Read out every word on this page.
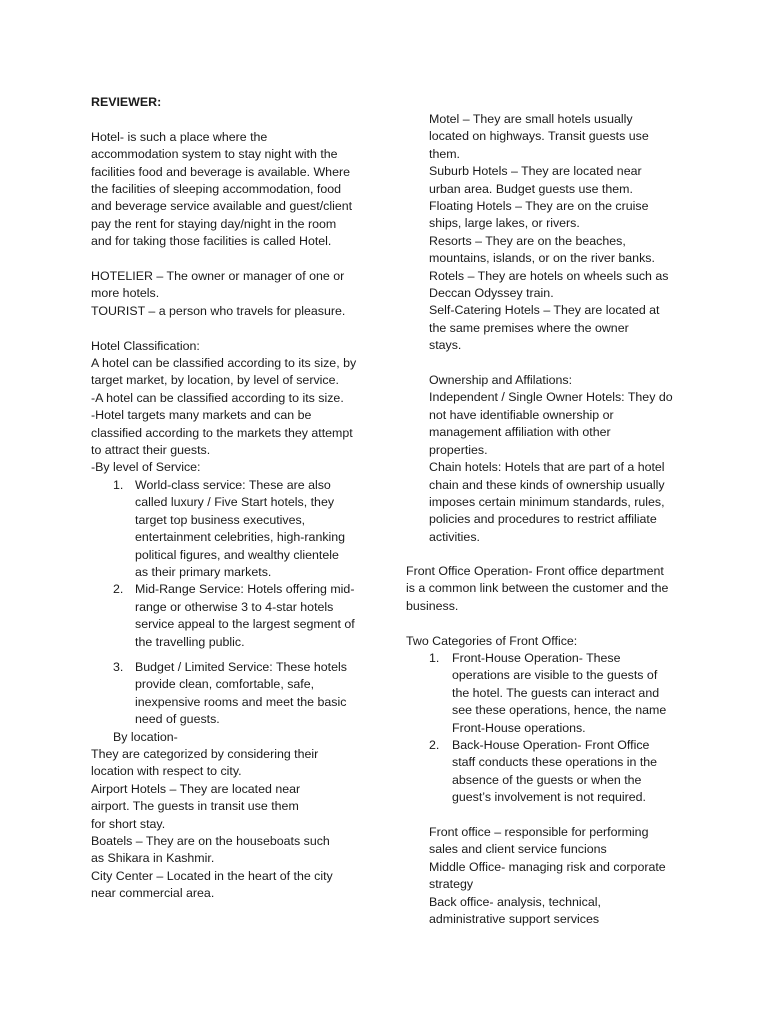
REVIEWER:
Hotel- is such a place where the
accommodation system to stay night with the
facilities food and beverage is available. Where
the facilities of sleeping accommodation, food
and beverage service available and guest/client
pay the rent for staying day/night in the room
and for taking those facilities is called Hotel.
HOTELIER – The owner or manager of one or
more hotels.
TOURIST – a person who travels for pleasure.
Hotel Classification:
A hotel can be classified according to its size, by
target market, by location, by level of service.
-A hotel can be classified according to its size.
-Hotel targets many markets and can be
classified according to the markets they attempt
to attract their guests.
-By level of Service:
1. World-class service: These are also
called luxury / Five Start hotels, they
target top business executives,
entertainment celebrities, high-ranking
political figures, and wealthy clientele
as their primary markets.
2. Mid-Range Service: Hotels offering mid-
range or otherwise 3 to 4-star hotels
service appeal to the largest segment of
the travelling public.
3. Budget / Limited Service: These hotels
provide clean, comfortable, safe,
inexpensive rooms and meet the basic
need of guests.
By location-
They are categorized by considering their
location with respect to city.
Airport Hotels – They are located near
airport. The guests in transit use them
for short stay.
Boatels – They are on the houseboats such
as Shikara in Kashmir.
City Center – Located in the heart of the city
near commercial area.
Motel – They are small hotels usually
located on highways. Transit guests use
them.
Suburb Hotels – They are located near
urban area. Budget guests use them.
Floating Hotels – They are on the cruise
ships, large lakes, or rivers.
Resorts – They are on the beaches,
mountains, islands, or on the river banks.
Rotels – They are hotels on wheels such as
Deccan Odyssey train.
Self-Catering Hotels – They are located at
the same premises where the owner
stays.
Ownership and Affilations:
Independent / Single Owner Hotels: They do
not have identifiable ownership or
management affiliation with other
properties.
Chain hotels: Hotels that are part of a hotel
chain and these kinds of ownership usually
imposes certain minimum standards, rules,
policies and procedures to restrict affiliate
activities.
Front Office Operation- Front office department
is a common link between the customer and the
business.
Two Categories of Front Office:
1. Front-House Operation- These
operations are visible to the guests of
the hotel. The guests can interact and
see these operations, hence, the name
Front-House operations.
2. Back-House Operation- Front Office
staff conducts these operations in the
absence of the guests or when the
guest’s involvement is not required.
Front office – responsible for performing
sales and client service funcions
Middle Office- managing risk and corporate
strategy
Back office- analysis, technical,
administrative support services
